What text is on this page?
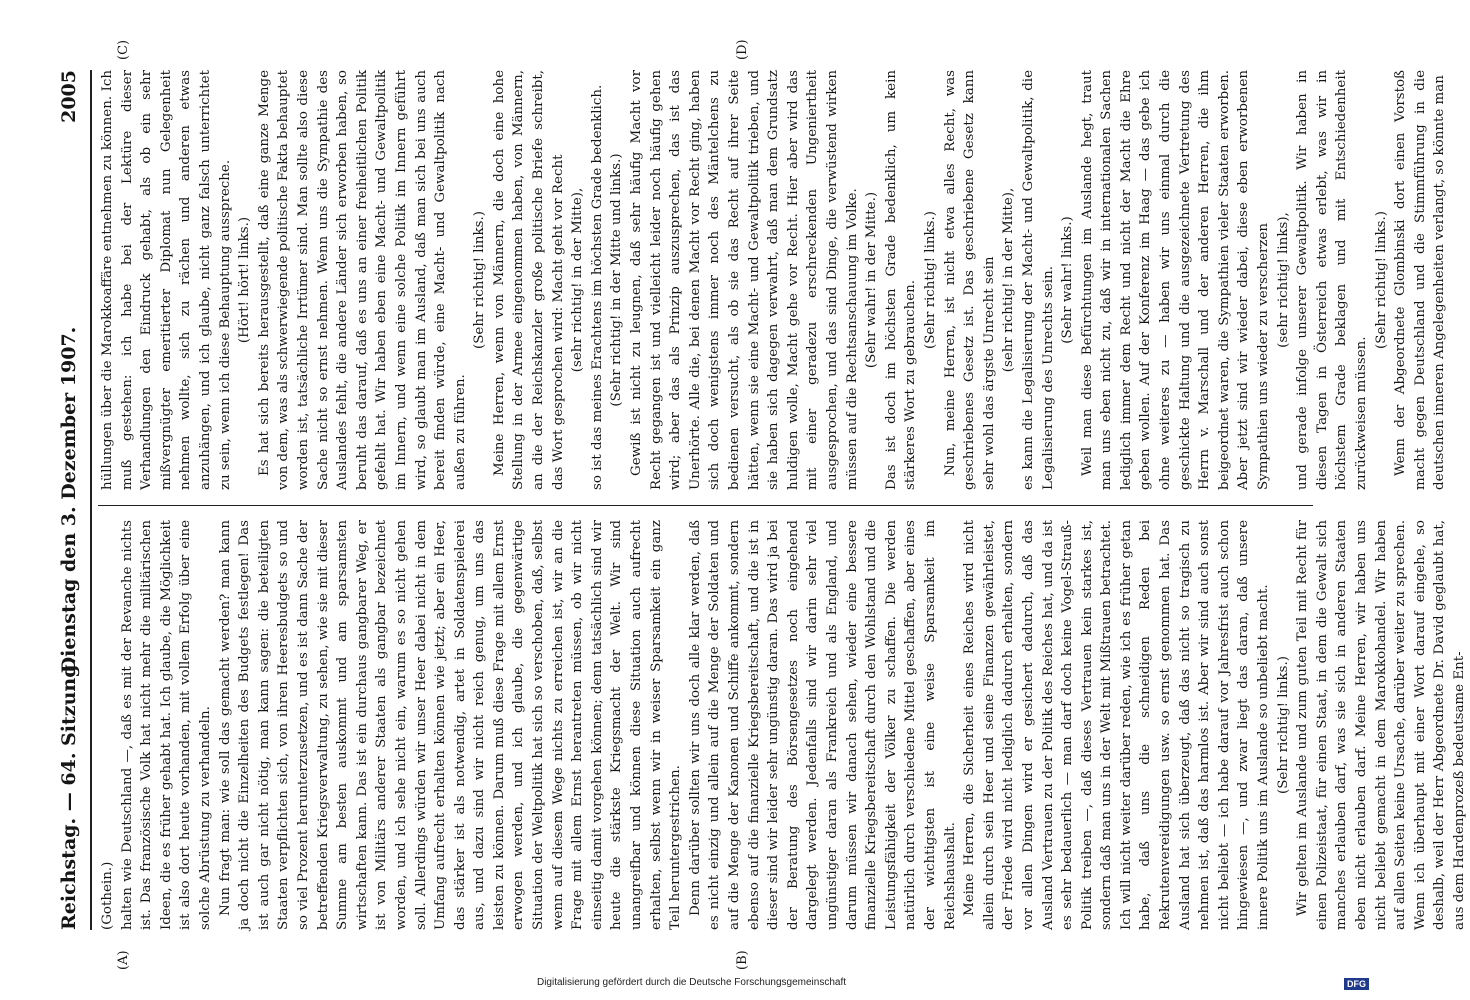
Reichstag. — 64. Sitzung.
Dienstag den 3. Dezember 1907.
2005
(A)	(B)
(C)	(D)

(Gothein.) halten wie Deutschland —, daß es mit der Revanche nichts ist. Das französische Volk hat nicht mehr die militärischen Ideen, die es früher gehabt hat. Ich glaube, die Möglichkeit ist also dort heute vorhanden, mit vollem Erfolg über eine solche Abrüstung zu verhandeln. Nun fragt man: wie soll das gemacht werden? man kann ja doch nicht die Einzelheiten des Budgets festlegen! Das ist auch gar nicht nötig, man kann sagen: die beteiligten Staaten verpflichten sich, von ihren Heeresbudgets so und so viel Prozent herunterzusetzen, und es ist dann Sache der betreffenden Kriegsverwaltung, zu sehen, wie sie mit dieser Summe am besten auskommt und am sparsamsten wirtschaften kann. Das ist ein durchaus gangbarer Weg, er ist von Militärs anderer Staaten als gangbar bezeichnet worden, und ich sehe nicht ein, warum es so nicht gehen soll. Allerdings würden wir unser Heer dabei nicht in dem Umfang aufrecht erhalten können wie jetzt; aber ein Heer, das stärker ist als notwendig, artet in Soldatenspielerei aus, und dazu sind wir nicht reich genug, um uns das leisten zu können. Darum muß diese Frage mit allem Ernst erwogen werden, und ich glaube, die gegenwärtige Situation der Weltpolitik hat sich so verschoben, daß, selbst wenn auf diesem Wege nichts zu erreichen ist, wir an die Frage mit allem Ernst herantreten müssen, ob wir nicht einseitig damit vorgehen können; denn tatsächlich sind wir heute die stärkste Kriegsmacht der Welt. Wir sind unangreifbar und können diese Situation auch aufrecht erhalten, selbst wenn wir in weiser Sparsamkeit ein ganz Teil heruntergestrichen. Denn darüber sollten wir uns doch alle klar werden, daß es nicht einzig und allein auf die Menge der Soldaten und auf die Menge der Kanonen und Schiffe ankommt, sondern ebenso auf die finanzielle Kriegsbereitschaft, und die ist in dieser sind wir leider sehr ungünstig daran. Das wird ja bei der Beratung des Börsengesetzes noch eingehend dargelegt werden. Jedenfalls sind wir darin sehr viel ungünstiger daran als Frankreich und als England, und darum müssen wir danach sehen, wieder eine bessere finanzielle Kriegsbereitschaft durch den Wohlstand und die Leistungsfähigkeit der Völker zu schaffen. Die werden natürlich durch verschiedene Mittel geschaffen, aber eines der wichtigsten ist eine weise Sparsamkeit im Reichshaushalt. Meine Herren, die Sicherheit eines Reiches wird nicht allein durch sein Heer und seine Finanzen gewährleistet, der Friede wird nicht lediglich dadurch erhalten, sondern vor allen Dingen wird er gesichert dadurch, daß das Ausland Vertrauen zu der Politik des Reiches hat, und da ist es sehr bedauerlich — man darf doch keine Vogel-Strauß-Politik treiben —, daß dieses Vertrauen kein starkes ist, sondern daß man uns in der Welt mit Mißtrauen betrachtet. Ich will nicht weiter darüber reden, wie ich es früher getan habe, daß uns die schneidigen Reden bei Rekrutenvereidigungen usw. so ernst genommen hat. Das Ausland hat sich überzeugt, daß das nicht so tragisch zu nehmen ist, daß das harmlos ist. Aber wir sind auch sonst nicht beliebt — ich habe darauf vor Jahresfrist auch schon hingewiesen —, und zwar liegt das daran, daß unsere innere Politik uns im Auslande so unbeliebt macht. (Sehr richtig! links.) Wir gelten im Auslande und zum guten Teil mit Recht für einen Polizeistaat, für einen Staat, in dem die Gewalt sich manches erlauben darf, was sie sich in anderen Staaten eben nicht erlauben darf. Meine Herren, wir haben uns nicht beliebt gemacht in dem Marokkohandel. Wir haben auf allen Seiten keine Ursache, darüber weiter zu sprechen. Wenn ich überhaupt mit einer Wort darauf eingehe, so deshalb, weil der Herr Abgeordnete Dr. David geglaubt hat, aus dem Hardenprozeß bedeutsame Ent-

hüllungen über die Marokkoaffäre entnehmen zu können. Ich muß gestehen: ich habe bei der Lektüre dieser Verhandlungen den Eindruck gehabt, als ob ein sehr mißvergnügter emeritierter Diplomat nun Gelegenheit nehmen wollte, sich zu rächen und anderen etwas anzuhängen, und ich glaube, nicht ganz falsch unterrichtet zu sein, wenn ich diese Behauptung ausspreche. (Hört! hört! links.) Es hat sich bereits herausgestellt, daß eine ganze Menge von dem, was als schwerwiegende politische Fakta behauptet worden ist, tatsächliche Irrtümer sind. Man sollte also diese Sache nicht so ernst nehmen. Wenn uns die Sympathie des Auslandes fehlt, die andere Länder sich erworben haben, so beruht das darauf, daß es uns an einer freiheitlichen Politik gefehlt hat. Wir haben eben eine Macht- und Gewaltpolitik im Innern, und wenn eine solche Politik im Innern geführt wird, so glaubt man im Ausland, daß man sich bei uns auch bereit finden würde, eine Macht- und Gewaltpolitik nach außen zu führen.

(Sehr richtig! links.) Meine Herren, wenn von Männern, die doch eine hohe Stellung in der Armee eingenommen haben, von Männern, an die der Reichskanzler große politische Briefe schreibt, das Wort gesprochen wird: Macht geht vor Recht (sehr richtig! in der Mitte), so ist das meines Erachtens im höchsten Grade bedenklich. (Sehr richtig! in der Mitte und links.) Gewiß ist nicht zu leugnen, daß sehr häufig Macht vor Recht gegangen ist und vielleicht leider noch häufig gehen wird; aber das als Prinzip auszusprechen, das ist das Unerhörte. Alle die, bei denen Macht vor Recht ging, haben sich doch wenigstens immer noch des Mäntelchens zu bedienen versucht, als ob sie das Recht auf ihrer Seite hätten, wenn sie eine Macht- und Gewaltpolitik trieben, und sie haben sich dagegen verwahrt, daß man dem Grundsatz huldigen wolle, Macht gehe vor Recht. Hier aber wird das mit einer geradezu erschreckenden Ungeniertheit ausgesprochen, und das sind Dinge, die verwüstend wirken müssen auf die Rechtsanschauung im Volke. (Sehr wahr! in der Mitte.) Das ist doch im höchsten Grade bedenklich, um kein stärkeres Wort zu gebrauchen. (Sehr richtig! links.) Nun, meine Herren, ist nicht etwa alles Recht, was geschriebenes Gesetz ist. Das geschriebene Gesetz kann sehr wohl das ärgste Unrecht sein (sehr richtig! in der Mitte), es kann die Legalisierung der Macht- und Gewaltpolitik, die Legalisierung des Unrechts sein. (Sehr wahr! links.) Weil man diese Befürchtungen im Auslande hegt, traut man uns eben nicht zu, daß wir in internationalen Sachen lediglich immer dem Recht und nicht der Macht die Ehre geben wollen. Auf der Konferenz im Haag — das gebe ich ohne weiteres zu — haben wir uns einmal durch die geschickte Haltung und die ausgezeichnete Vertretung des Herrn v. Marschall und der anderen Herren, die ihm beigeordnet waren, die Sympathien vieler Staaten erworben. Aber jetzt sind wir wieder dabei, diese eben erworbenen Sympathien uns wieder zu verscherzen (sehr richtig! links), und gerade infolge unserer Gewaltpolitik. Wir haben in diesen Tagen in Österreich etwas erlebt, was wir in höchstem Grade beklagen und mit Entschiedenheit zurückweisen müssen.

(Sehr richtig! links.) Wenn der Abgeordnete Glombinski dort einen Vorstoß macht gegen Deutschland und die Stimmführung in die deutschen inneren Angelegenheiten verlangt, so könnte man

Digitalisierung gefördert durch die Deutsche Forschungsgemeinschaft	DFG
